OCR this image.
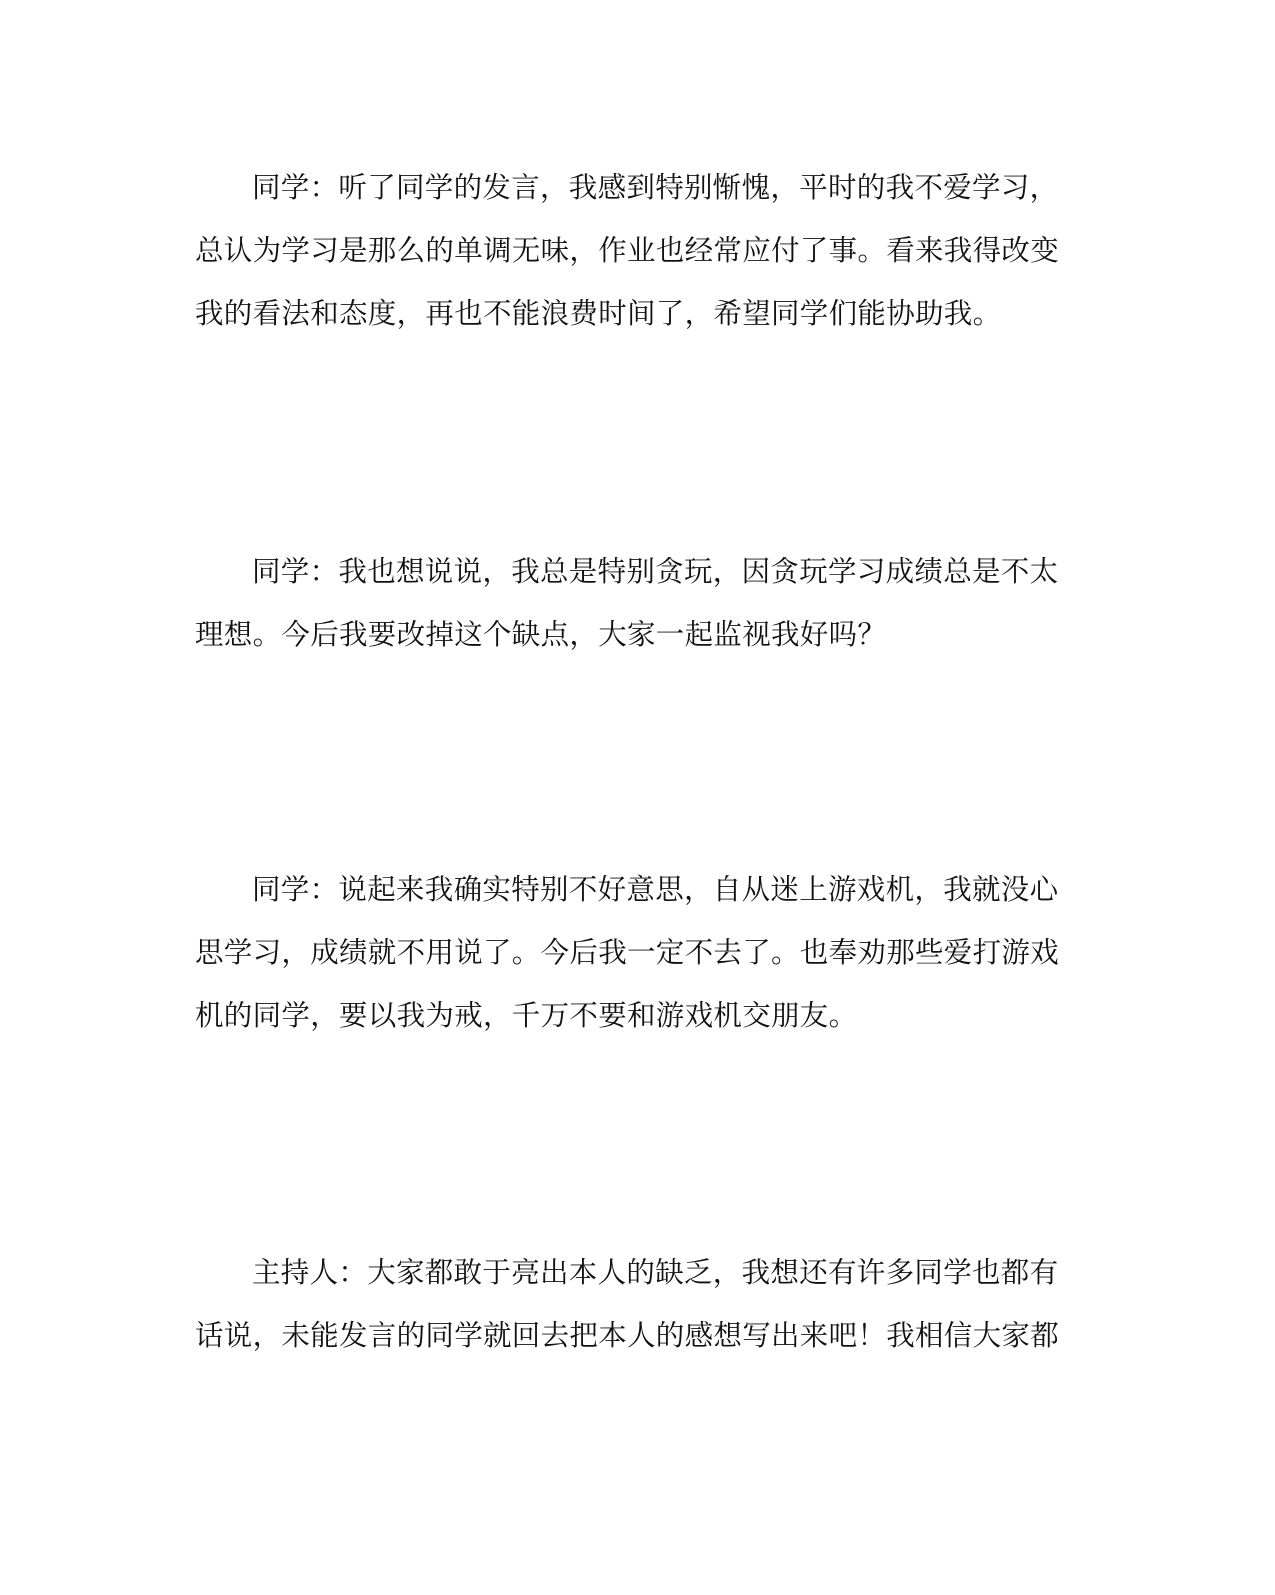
同学：听了同学的发言，我感到特别惭愧，平时的我不爱学习，
总认为学习是那么的单调无味，作业也经常应付了事。看来我得改变
我的看法和态度，再也不能浪费时间了，希望同学们能协助我。
同学：我也想说说，我总是特别贪玩，因贪玩学习成绩总是不太
理想。今后我要改掉这个缺点，大家一起监视我好吗？
同学：说起来我确实特别不好意思，自从迷上游戏机，我就没心
思学习，成绩就不用说了。今后我一定不去了。也奉劝那些爱打游戏
机的同学，要以我为戒，千万不要和游戏机交朋友。
主持人：大家都敢于亮出本人的缺乏，我想还有许多同学也都有
话说，未能发言的同学就回去把本人的感想写出来吧！我相信大家都
